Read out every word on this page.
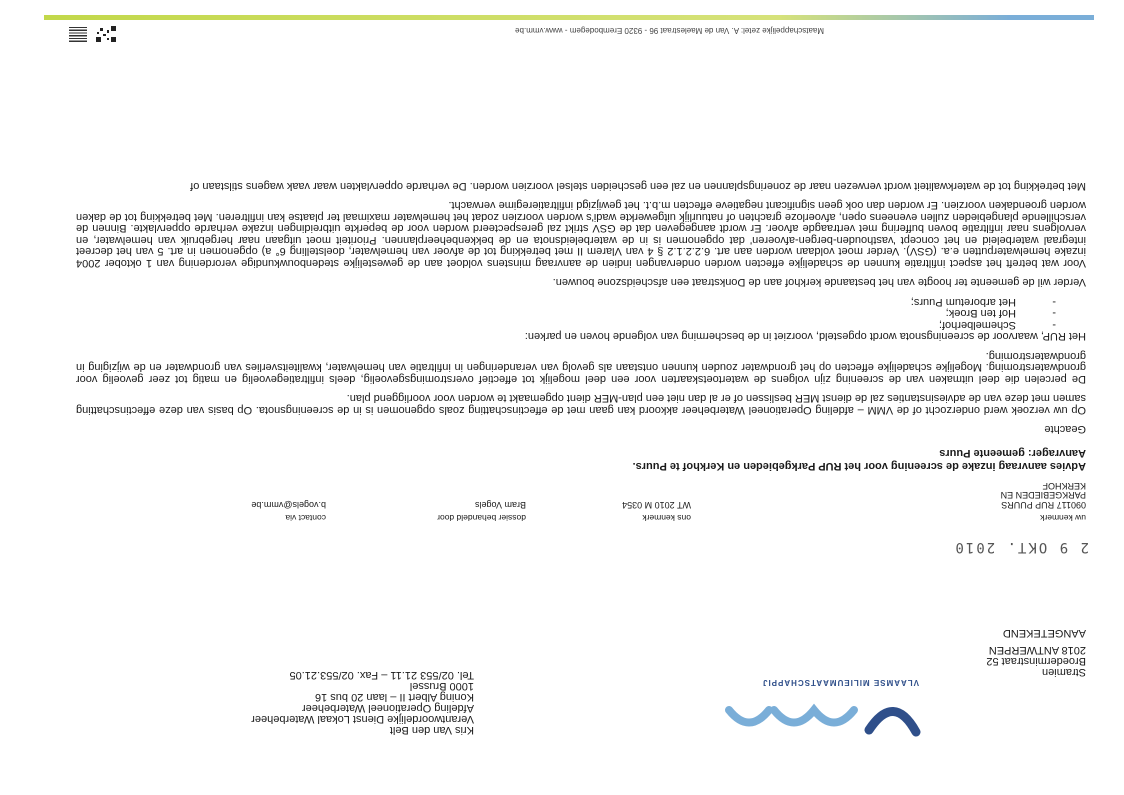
VLAAMSE MILIEUMAATSCHAPPIJ
Kris Van den Belt
Verantwoordelijke Dienst Lokaal Waterbeheer
Afdeling Operationeel Waterbeheer
Koning Albert II – laan 20 bus 16
1000 Brussel
Tel. 02/553 21.11 – Fax. 02/553.21.05	Stramien
Broederminstraat 52
2018 ANTWERPEN
AANGETEKEND
2 9 OKT. 2010
uw kenmerk
090117 RUP PUURS PARKGEBIEDEN EN KERKHOF
ons kenmerk
WT 2010 M 0354
dossier behandeld door
Bram Vogels
contact via
b.vogels@vmm.be
Advies aanvraag inzake de screening voor het RUP Parkgebieden en Kerkhof te Puurs.
Aanvrager: gemeente Puurs
Geachte

Op uw verzoek werd onderzocht of de VMM – afdeling Operationeel Waterbeheer akkoord kan gaan met de effectinschatting zoals opgenomen is in de screeningsnota. Op basis van deze effectinschatting samen met deze van de adviesinstanties zal de dienst MER beslissen of er al dan niet een plan-MER dient opgemaakt te worden voor voorliggend plan.

De percelen die deel uitmaken van de screening zijn volgens de watertoetskaarten voor een deel mogelijk tot effectief overstromingsgevoelig, deels infiltratiegevoelig en matig tot zeer gevoelig voor grondwaterstroming. Mogelijke schadelijke effecten op het grondwater zouden kunnen ontstaan als gevolg van veranderingen in infiltratie van hemelwater, kwaliteitsverlies van grondwater en de wijziging in grondwaterstroming.

Het RUP, waarvoor de screeningsnota wordt opgesteld, voorziet in de bescherming van volgende hoven en parken:

- Schemelberhof;
- Hof ten Broek;
- Het arboretum Puurs;

Verder wil de gemeente ter hoogte van het bestaande kerkhof aan de Donkstraat een afscheidszone bouwen.

Voor wat betreft het aspect infiltratie kunnen de schadelijke effecten worden ondervangen indien de aanvraag minstens voldoet aan de gewestelijke stedenbouwkundige verordening van 1 oktober 2004 inzake hemelwaterputten e.a. (GSV). Verder moet voldaan worden aan art. 6.2.2.1.2 § 4 van Vlarem II met betrekking tot de afvoer van hemelwater, doelstelling 6° a) opgenomen in art. 5 van het decreet integraal waterbeleid en het concept 'vasthouden-bergen-afvoeren' dat opgenomen is in de waterbeleidsnota en de bekkenbeheerplannen. Prioriteit moet uitgaan naar hergebruik van hemelwater, en vervolgens naar infiltratie boven buffering met vertraagde afvoer. Er wordt aangegeven dat de GSV strikt zal gerespecteerd worden voor de beperkte uitbreidingen inzake verharde oppervlakte. Binnen de verschillende plangebieden zullen eveneens open, afvoerloze grachten of natuurlijk uitgewerkte wadi's worden voorzien zodat het hemelwater maximaal ter plaatse kan infiltreren. Met betrekking tot de daken worden groendaken voorzien. Er worden dan ook geen significant negatieve effecten m.b.t. het gewijzigd infiltratieregime verwacht.

Met betrekking tot de waterkwaliteit wordt verwezen naar de zoneringsplannen en zal een gescheiden stelsel voorzien worden. De verharde oppervlakten waar vaak wagens stilstaan of

Maatschappelijke zetel: A. Van de Maelestraat 96 - 9320 Erembodegem - www.vmm.be
